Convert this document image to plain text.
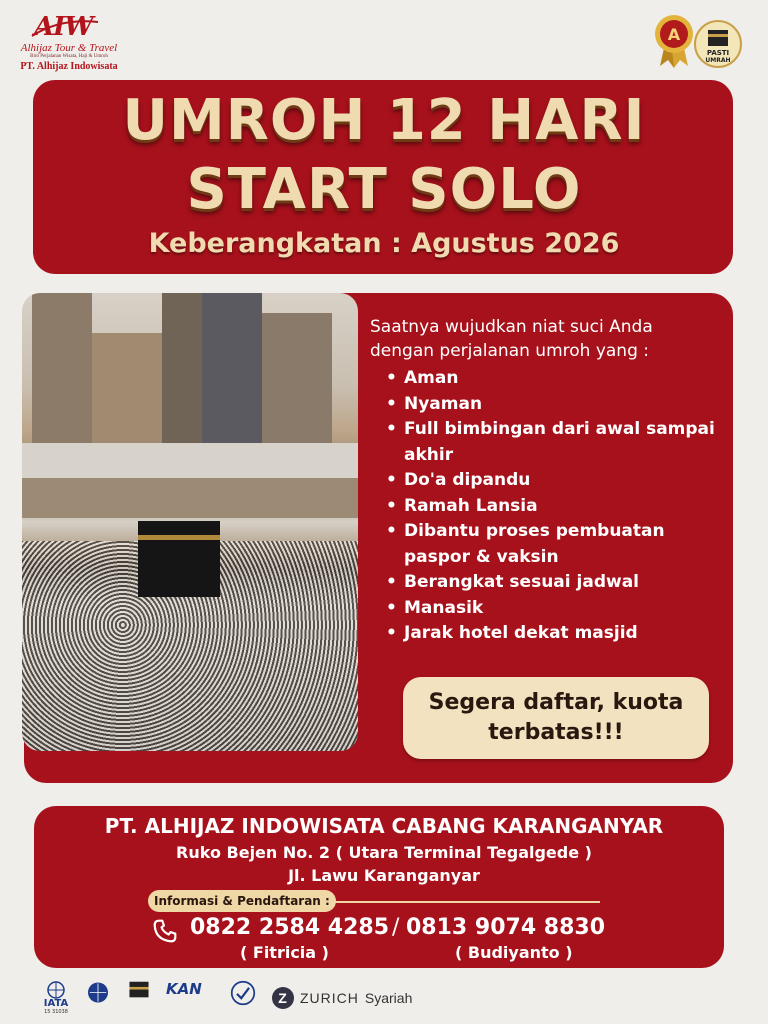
AIW
Alhijaz Tour & Travel
Biro Perjalanan Wisata, Haji & Umroh
PT. Alhijaz Indowisata
A
PASTI
UMRAH
UMROH 12 HARI
START SOLO
Keberangkatan : Agustus 2026
Saatnya wujudkan niat suci Anda dengan perjalanan umroh yang :
• Aman
• Nyaman
• Full bimbingan dari awal sampai akhir
• Do'a dipandu
• Ramah Lansia
• Dibantu proses pembuatan paspor & vaksin
• Berangkat sesuai jadwal
• Manasik
• Jarak hotel dekat masjid
Segera daftar, kuota terbatas!!!
PT. ALHIJAZ INDOWISATA CABANG KARANGANYAR
Ruko Bejen No. 2 ( Utara Terminal Tegalgede )
Jl. Lawu Karanganyar
Informasi & Pendaftaran :
0822 2584 4285 / 0813 9074 8830
( Fitricia )	( Budiyanto )
IATA
15 31038
KAN	Z ZURICH Syariah
